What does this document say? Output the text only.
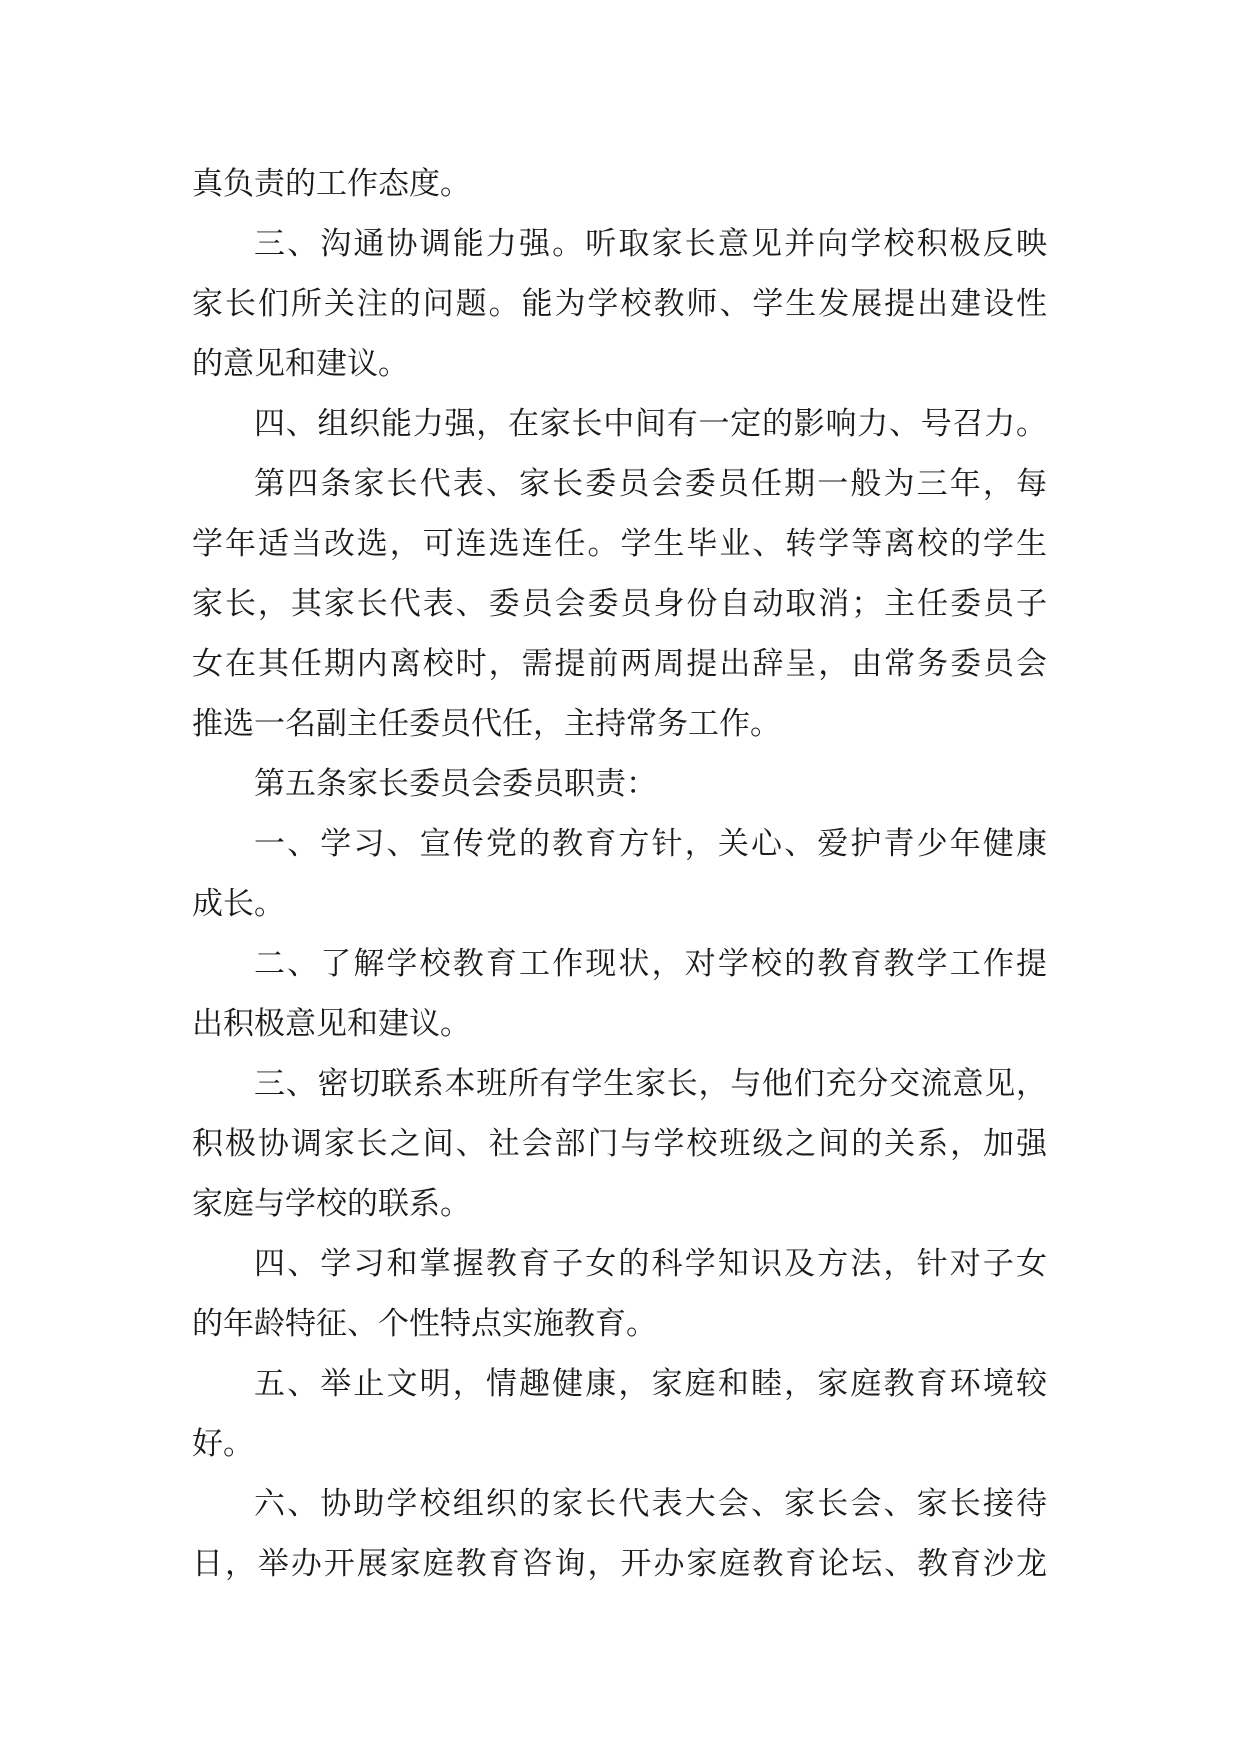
真负责的工作态度。
三、沟通协调能力强。听取家长意见并向学校积极反映
家长们所关注的问题。能为学校教师、学生发展提出建设性
的意见和建议。
四、组织能力强，在家长中间有一定的影响力、号召力。
第四条家长代表、家长委员会委员任期一般为三年，每
学年适当改选，可连选连任。学生毕业、转学等离校的学生
家长，其家长代表、委员会委员身份自动取消；主任委员子
女在其任期内离校时，需提前两周提出辞呈，由常务委员会
推选一名副主任委员代任，主持常务工作。
第五条家长委员会委员职责：
一、学习、宣传党的教育方针，关心、爱护青少年健康
成长。
二、了解学校教育工作现状，对学校的教育教学工作提
出积极意见和建议。
三、密切联系本班所有学生家长，与他们充分交流意见，
积极协调家长之间、社会部门与学校班级之间的关系，加强
家庭与学校的联系。
四、学习和掌握教育子女的科学知识及方法，针对子女
的年龄特征、个性特点实施教育。
五、举止文明，情趣健康，家庭和睦，家庭教育环境较
好。
六、协助学校组织的家长代表大会、家长会、家长接待
日，举办开展家庭教育咨询，开办家庭教育论坛、教育沙龙
